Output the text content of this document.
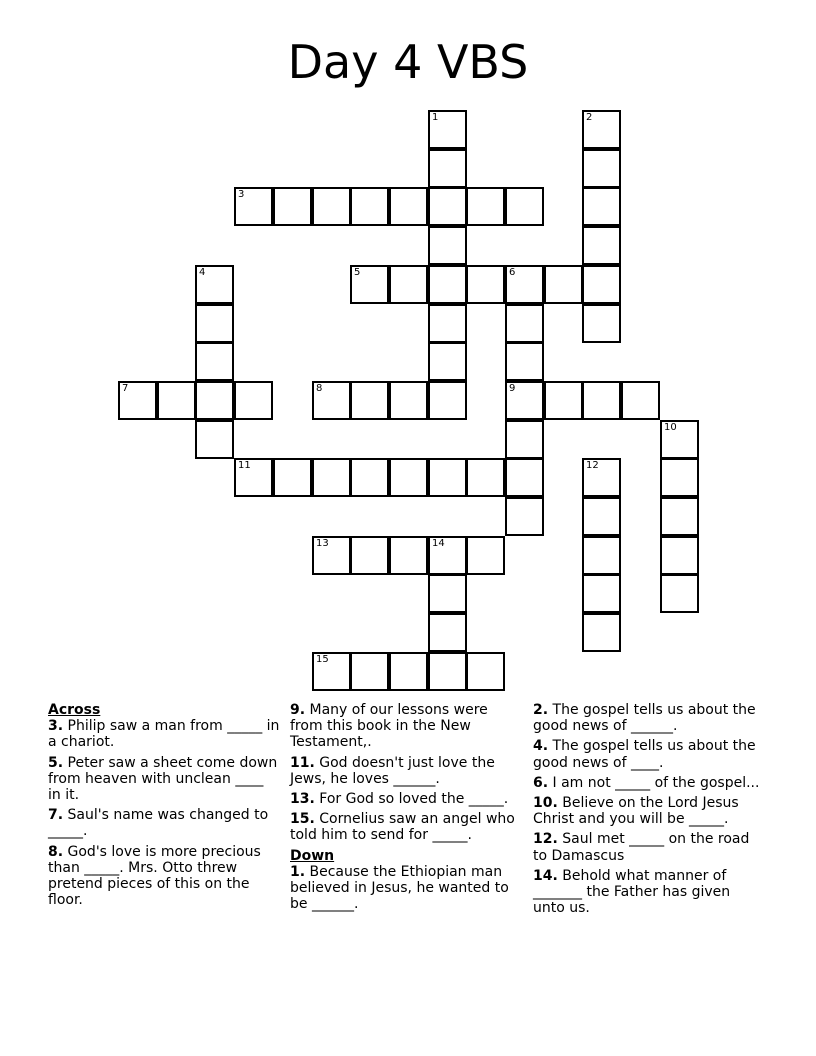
Day 4 VBS
3
5	6
7	8	9
11
13	14
15
1	2
4
10
12
Across
3. Philip saw a man from _____ in a chariot.
5. Peter saw a sheet come down from heaven with unclean ____ in it.
7. Saul's name was changed to _____.
8. God's love is more precious than _____. Mrs. Otto threw pretend pieces of this on the floor.
9. Many of our lessons were from this book in the New Testament,.
11. God doesn't just love the Jews, he loves ______.
13. For God so loved the _____.
15. Cornelius saw an angel who told him to send for _____.
Down
1. Because the Ethiopian man believed in Jesus, he wanted to be ______.
2. The gospel tells us about the good news of ______.
4. The gospel tells us about the good news of ____.
6. I am not _____ of the gospel...
10. Believe on the Lord Jesus Christ and you will be _____.
12. Saul met _____ on the road to Damascus
14. Behold what manner of _______ the Father has given unto us.
